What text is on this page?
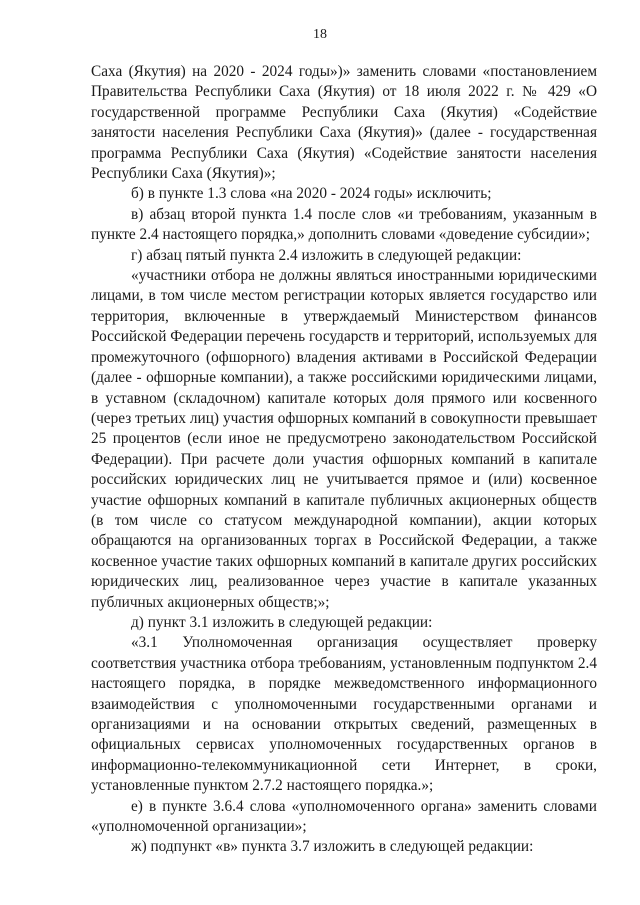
18

Саха (Якутия) на 2020 - 2024 годы»)» заменить словами «постановлением Правительства Республики Саха (Якутия) от 18 июля 2022 г. № 429 «О государственной программе Республики Саха (Якутия) «Содействие занятости населения Республики Саха (Якутия)» (далее - государственная программа Республики Саха (Якутия) «Содействие занятости населения Республики Саха (Якутия)»;

б) в пункте 1.3 слова «на 2020 - 2024 годы» исключить;

в) абзац второй пункта 1.4 после слов «и требованиям, указанным в пункте 2.4 настоящего порядка,» дополнить словами «доведение субсидии»;

г) абзац пятый пункта 2.4 изложить в следующей редакции:

«участники отбора не должны являться иностранными юридическими лицами, в том числе местом регистрации которых является государство или территория, включенные в утверждаемый Министерством финансов Российской Федерации перечень государств и территорий, используемых для промежуточного (офшорного) владения активами в Российской Федерации (далее - офшорные компании), а также российскими юридическими лицами, в уставном (складочном) капитале которых доля прямого или косвенного (через третьих лиц) участия офшорных компаний в совокупности превышает 25 процентов (если иное не предусмотрено законодательством Российской Федерации). При расчете доли участия офшорных компаний в капитале российских юридических лиц не учитывается прямое и (или) косвенное участие офшорных компаний в капитале публичных акционерных обществ (в том числе со статусом международной компании), акции которых обращаются на организованных торгах в Российской Федерации, а также косвенное участие таких офшорных компаний в капитале других российских юридических лиц, реализованное через участие в капитале указанных публичных акционерных обществ;»;

д) пункт 3.1 изложить в следующей редакции:

«3.1 Уполномоченная организация осуществляет проверку соответствия участника отбора требованиям, установленным подпунктом 2.4 настоящего порядка, в порядке межведомственного информационного взаимодействия с уполномоченными государственными органами и организациями и на основании открытых сведений, размещенных в официальных сервисах уполномоченных государственных органов в информационно-телекоммуникационной сети Интернет, в сроки, установленные пунктом 2.7.2 настоящего порядка.»;

е) в пункте 3.6.4 слова «уполномоченного органа» заменить словами «уполномоченной организации»;

ж) подпункт «в» пункта 3.7 изложить в следующей редакции:
